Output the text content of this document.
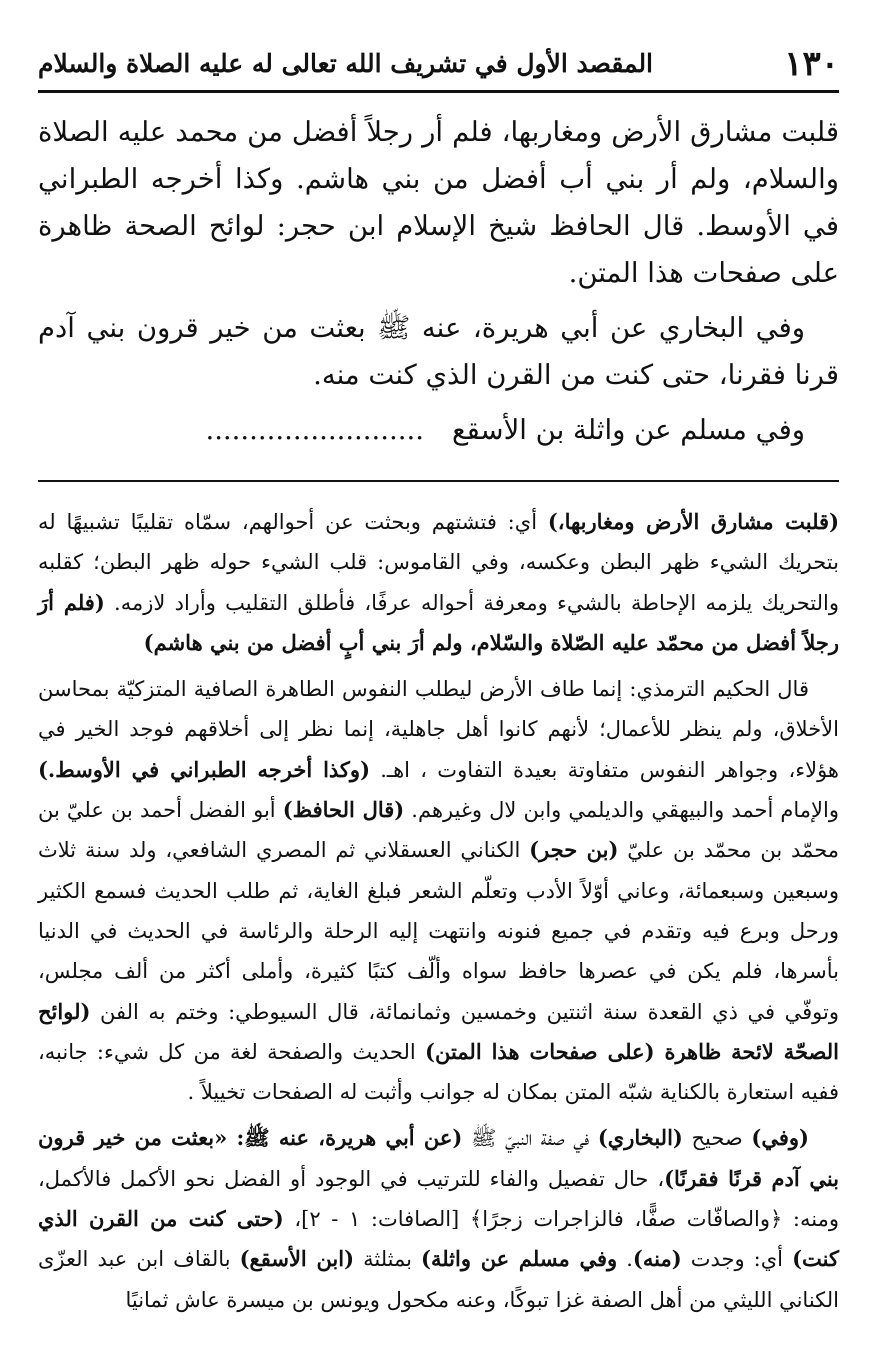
١٣٠
المقصد الأول في تشريف الله تعالى له عليه الصلاة والسلام

قلبت مشارق الأرض ومغاربها، فلم أر رجلاً أفضل من محمد عليه الصلاة والسلام، ولم أر بني أب أفضل من بني هاشم. وكذا أخرجه الطبراني في الأوسط. قال الحافظ شيخ الإسلام ابن حجر: لوائح الصحة ظاهرة على صفحات هذا المتن.

وفي البخاري عن أبي هريرة، عنه ﷺ بعثت من خير قرون بني آدم قرنا فقرنا، حتى كنت من القرن الذي كنت منه.

وفي مسلم عن واثلة بن الأسقع.........................

(قلبت مشارق الأرض ومغاربها،) أي: فتشتهم وبحثت عن أحوالهم، سمّاه تقليبًا تشبيهًا له بتحريك الشيء ظهر البطن وعكسه، وفي القاموس: قلب الشيء حوله ظهر البطن؛ كقلبه والتحريك يلزمه الإحاطة بالشيء ومعرفة أحواله عرفًا، فأطلق التقليب وأراد لازمه. (فلم أرَ رجلاً أفضل من محمّد عليه الصّلاة والسّلام، ولم أرَ بني أبٍ أفضل من بني هاشم)

قال الحكيم الترمذي: إنما طاف الأرض ليطلب النفوس الطاهرة الصافية المتزكيّة بمحاسن الأخلاق، ولم ينظر للأعمال؛ لأنهم كانوا أهل جاهلية، إنما نظر إلى أخلاقهم فوجد الخير في هؤلاء، وجواهر النفوس متفاوتة بعيدة التفاوت ، اهـ. (وكذا أخرجه الطبراني في الأوسط.) والإمام أحمد والبيهقي والديلمي وابن لال وغيرهم. (قال الحافظ) أبو الفضل أحمد بن عليّ بن محمّد بن محمّد بن عليّ (بن حجر) الكناني العسقلاني ثم المصري الشافعي، ولد سنة ثلاث وسبعين وسبعمائة، وعاني أوّلاً الأدب وتعلّم الشعر فبلغ الغاية، ثم طلب الحديث فسمع الكثير ورحل وبرع فيه وتقدم في جميع فنونه وانتهت إليه الرحلة والرئاسة في الحديث في الدنيا بأسرها، فلم يكن في عصرها حافظ سواه وألّف كتبًا كثيرة، وأملى أكثر من ألف مجلس، وتوفّي في ذي القعدة سنة اثنتين وخمسين وثمانمائة، قال السيوطي: وختم به الفن (لوائح الصحّة لائحة ظاهرة (على صفحات هذا المتن) الحديث والصفحة لغة من كل شيء: جانبه، ففيه استعارة بالكناية شبّه المتن بمكان له جوانب وأثبت له الصفحات تخييلاً .

(وفي) صحيح (البخاري) في صفة النبيّ ﷺ (عن أبي هريرة، عنه ﷺ: «بعثت من خير قرون بني آدم قرنًا فقرنًا)، حال تفصيل والفاء للترتيب في الوجود أو الفضل نحو الأكمل فالأكمل، ومنه: ﴿والصافّات صفًّا، فالزاجرات زجرًا﴾ [الصافات: ١ - ٢]، (حتى كنت من القرن الذي كنت) أي: وجدت (منه). وفي مسلم عن واثلة) بمثلثة (ابن الأسقع) بالقاف ابن عبد العزّى الكناني الليثي من أهل الصفة غزا تبوكًا، وعنه مكحول ويونس بن ميسرة عاش ثمانيًا
